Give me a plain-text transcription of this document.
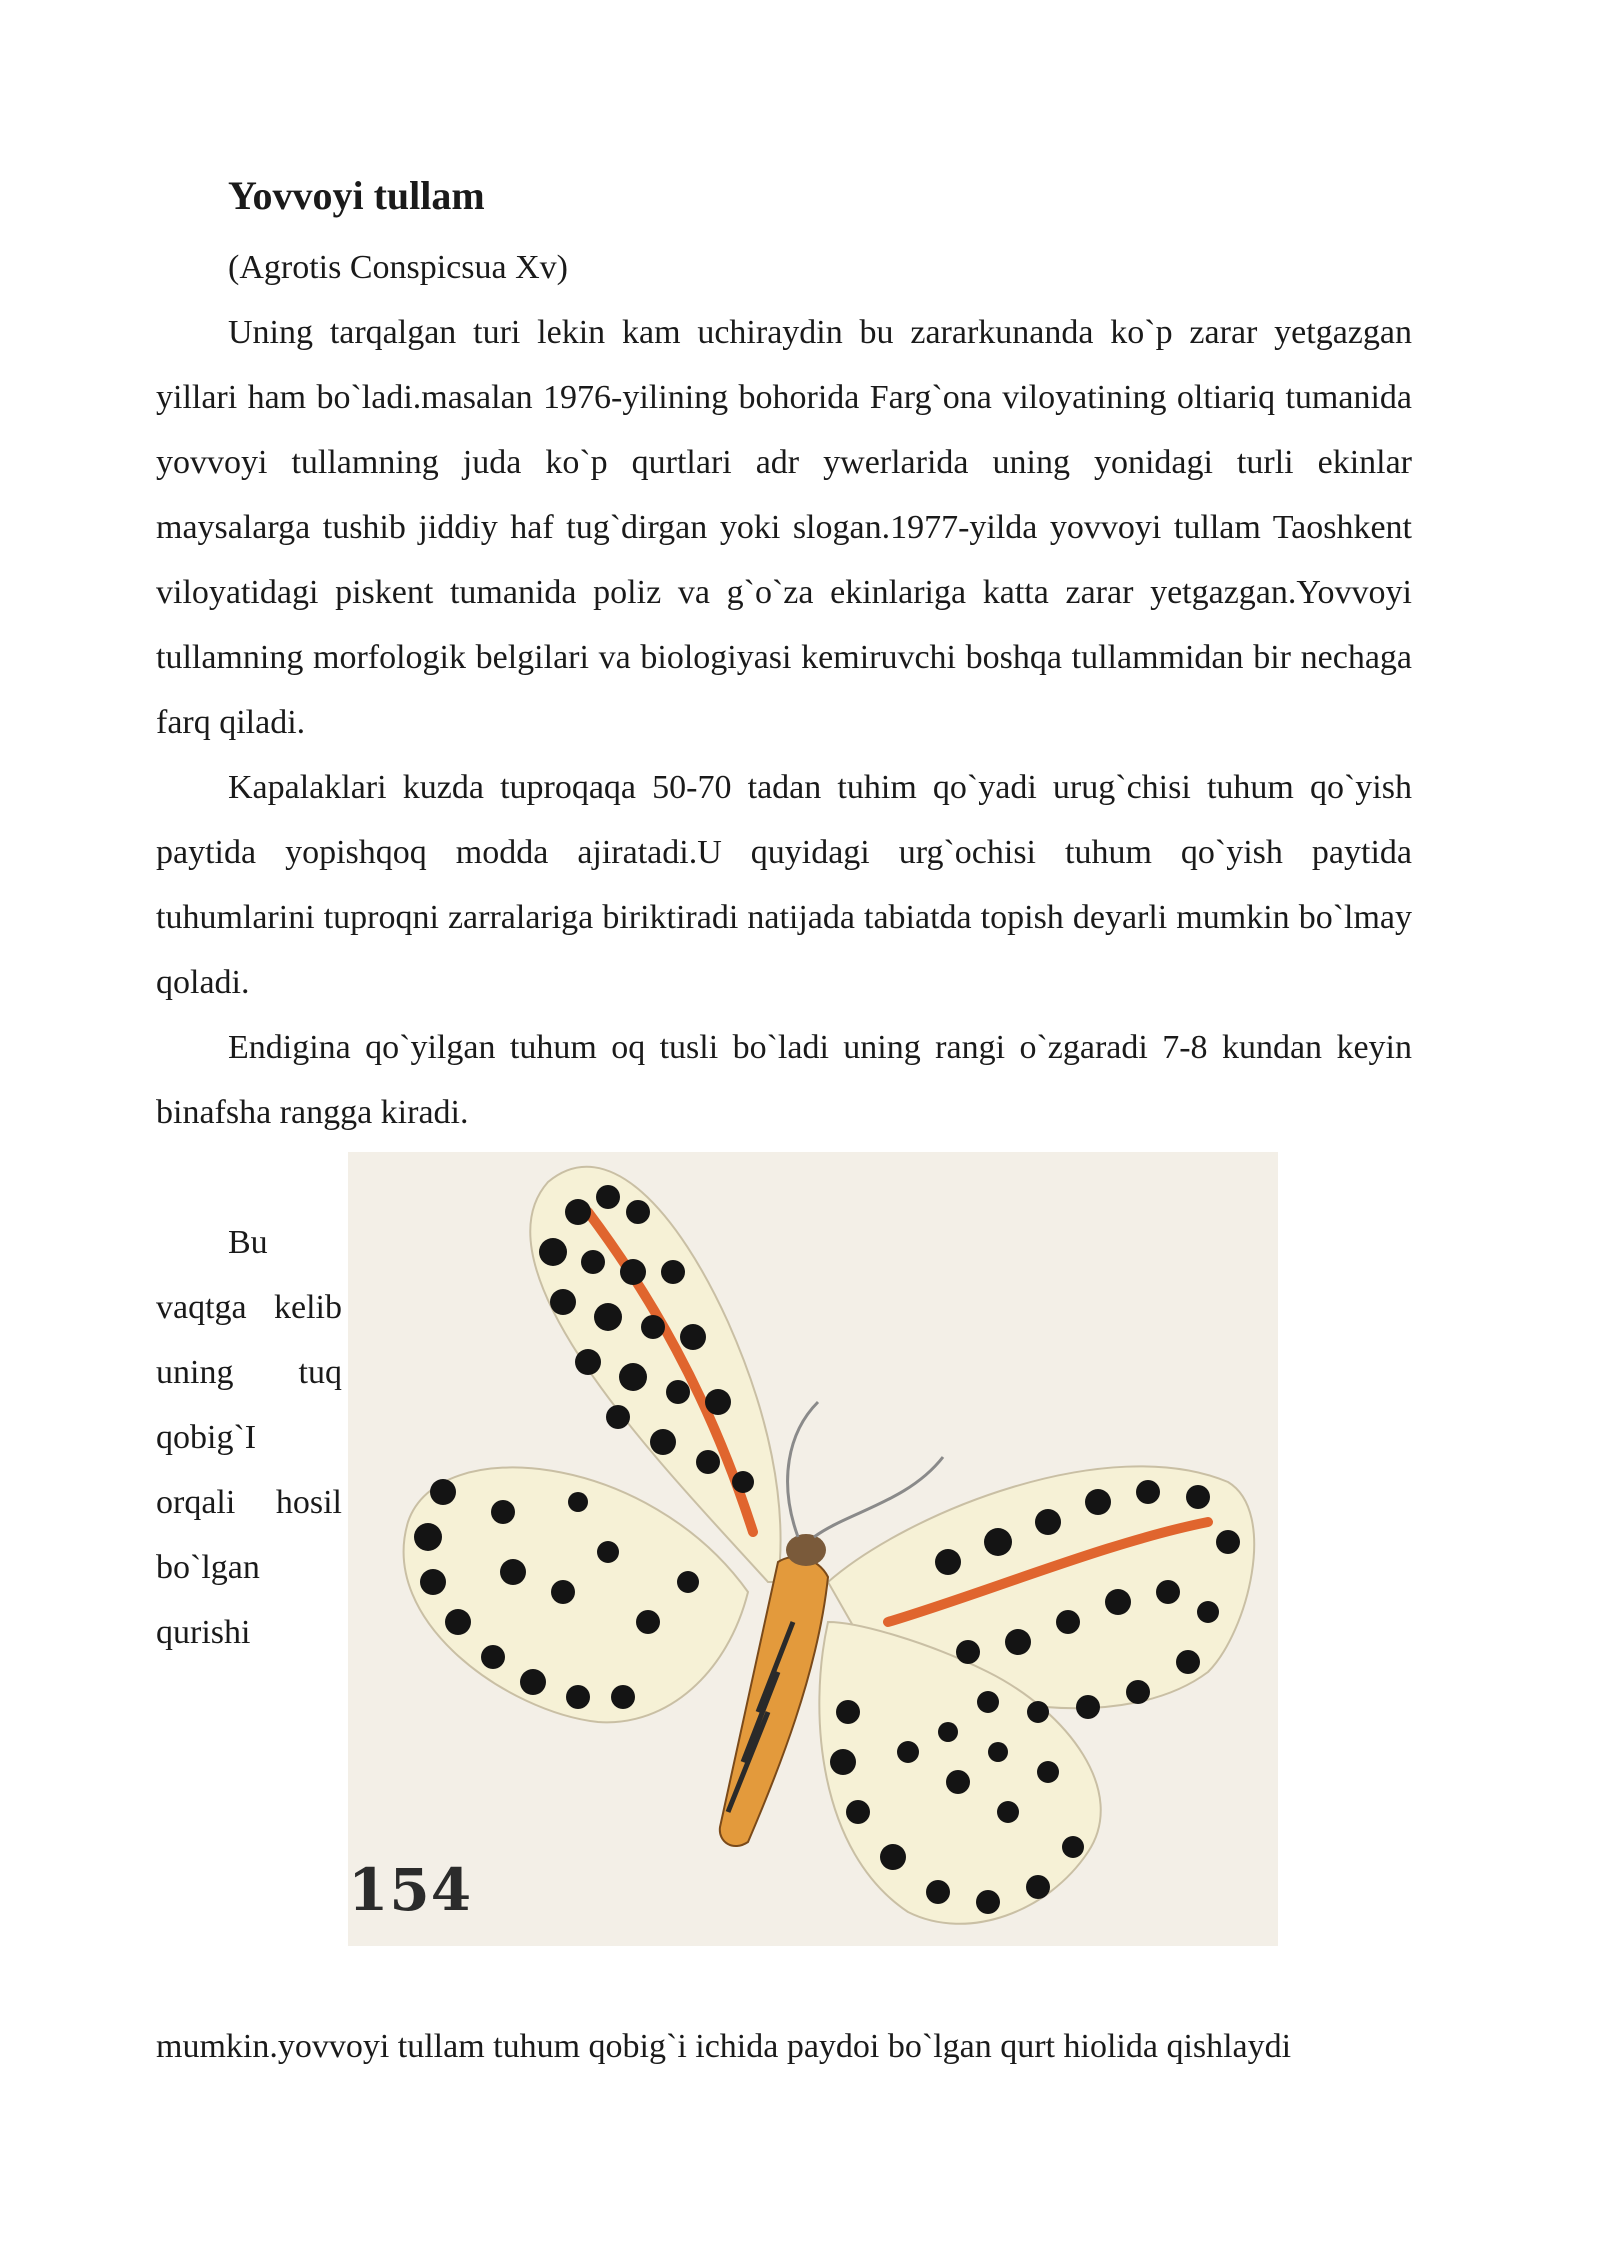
Yovvoyi tullam

(Agrotis Conspicsua Xv)

Uning tarqalgan turi lekin kam uchiraydin bu zararkunanda ko`p zarar yetgazgan yillari ham bo`ladi.masalan 1976-yilining bohorida Farg`ona viloyatining oltiariq tumanida yovvoyi tullamning juda ko`p qurtlari adr ywerlarida uning yonidagi turli ekinlar maysalarga tushib jiddiy haf tug`dirgan yoki slogan.1977-yilda yovvoyi tullam Taoshkent viloyatidagi piskent tumanida poliz va g`o`za ekinlariga katta zarar yetgazgan.Yovvoyi tullamning morfologik belgilari va biologiyasi kemiruvchi boshqa tullammidan bir nechaga farq qiladi.

Kapalaklari kuzda tuproqaqa 50-70 tadan tuhim qo`yadi urug`chisi tuhum qo`yish paytida yopishqoq modda ajiratadi.U quyidagi urg`ochisi tuhum qo`yish paytida tuhumlarini tuproqni zarralariga biriktiradi natijada tabiatda topish deyarli mumkin bo`lmay qoladi.

Endigina qo`yilgan tuhum oq tusli bo`ladi uning rangi o`zgaradi 7-8 kundan keyin binafsha rangga kiradi.

Bu vaqtga kelib uning tuq qobig`I orqali hosil bo`lgan qurishi

154

mumkin.yovvoyi tullam tuhum qobig`i ichida paydoi bo`lgan qurt hiolida qishlaydi
